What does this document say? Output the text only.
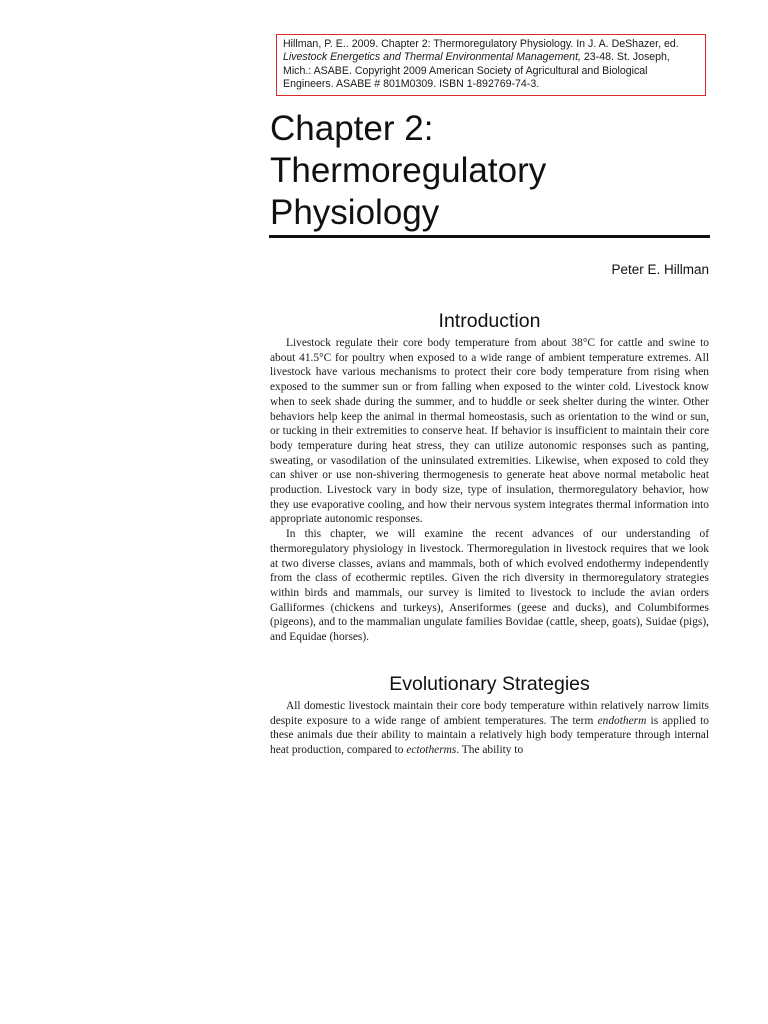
Hillman, P. E.. 2009. Chapter 2: Thermoregulatory Physiology. In J. A. DeShazer, ed. Livestock Energetics and Thermal Environmental Management, 23-48. St. Joseph, Mich.: ASABE. Copyright 2009 American Society of Agricultural and Biological Engineers. ASABE # 801M0309. ISBN 1-892769-74-3.
Chapter 2:
Thermoregulatory
Physiology
Peter E. Hillman
Introduction

Livestock regulate their core body temperature from about 38°C for cattle and swine to about 41.5°C for poultry when exposed to a wide range of ambient temperature extremes. All livestock have various mechanisms to protect their core body temperature from rising when exposed to the summer sun or from falling when exposed to the winter cold. Livestock know when to seek shade during the summer, and to huddle or seek shelter during the winter. Other behaviors help keep the animal in thermal homeostasis, such as orientation to the wind or sun, or tucking in their extremities to conserve heat. If behavior is insufficient to maintain their core body temperature during heat stress, they can utilize autonomic responses such as panting, sweating, or vasodilation of the uninsulated extremities. Likewise, when exposed to cold they can shiver or use non-shivering thermogenesis to generate heat above normal metabolic heat production. Livestock vary in body size, type of insulation, thermoregulatory behavior, how they use evaporative cooling, and how their nervous system integrates thermal information into appropriate autonomic responses.

In this chapter, we will examine the recent advances of our understanding of thermoregulatory physiology in livestock. Thermoregulation in livestock requires that we look at two diverse classes, avians and mammals, both of which evolved endothermy independently from the class of ecothermic reptiles. Given the rich diversity in thermoregulatory strategies within birds and mammals, our survey is limited to livestock to include the avian orders Galliformes (chickens and turkeys), Anseriformes (geese and ducks), and Columbiformes (pigeons), and to the mammalian ungulate families Bovidae (cattle, sheep, goats), Suidae (pigs), and Equidae (horses).

Evolutionary Strategies

All domestic livestock maintain their core body temperature within relatively narrow limits despite exposure to a wide range of ambient temperatures. The term endotherm is applied to these animals due their ability to maintain a relatively high body temperature through internal heat production, compared to ectotherms. The ability to
